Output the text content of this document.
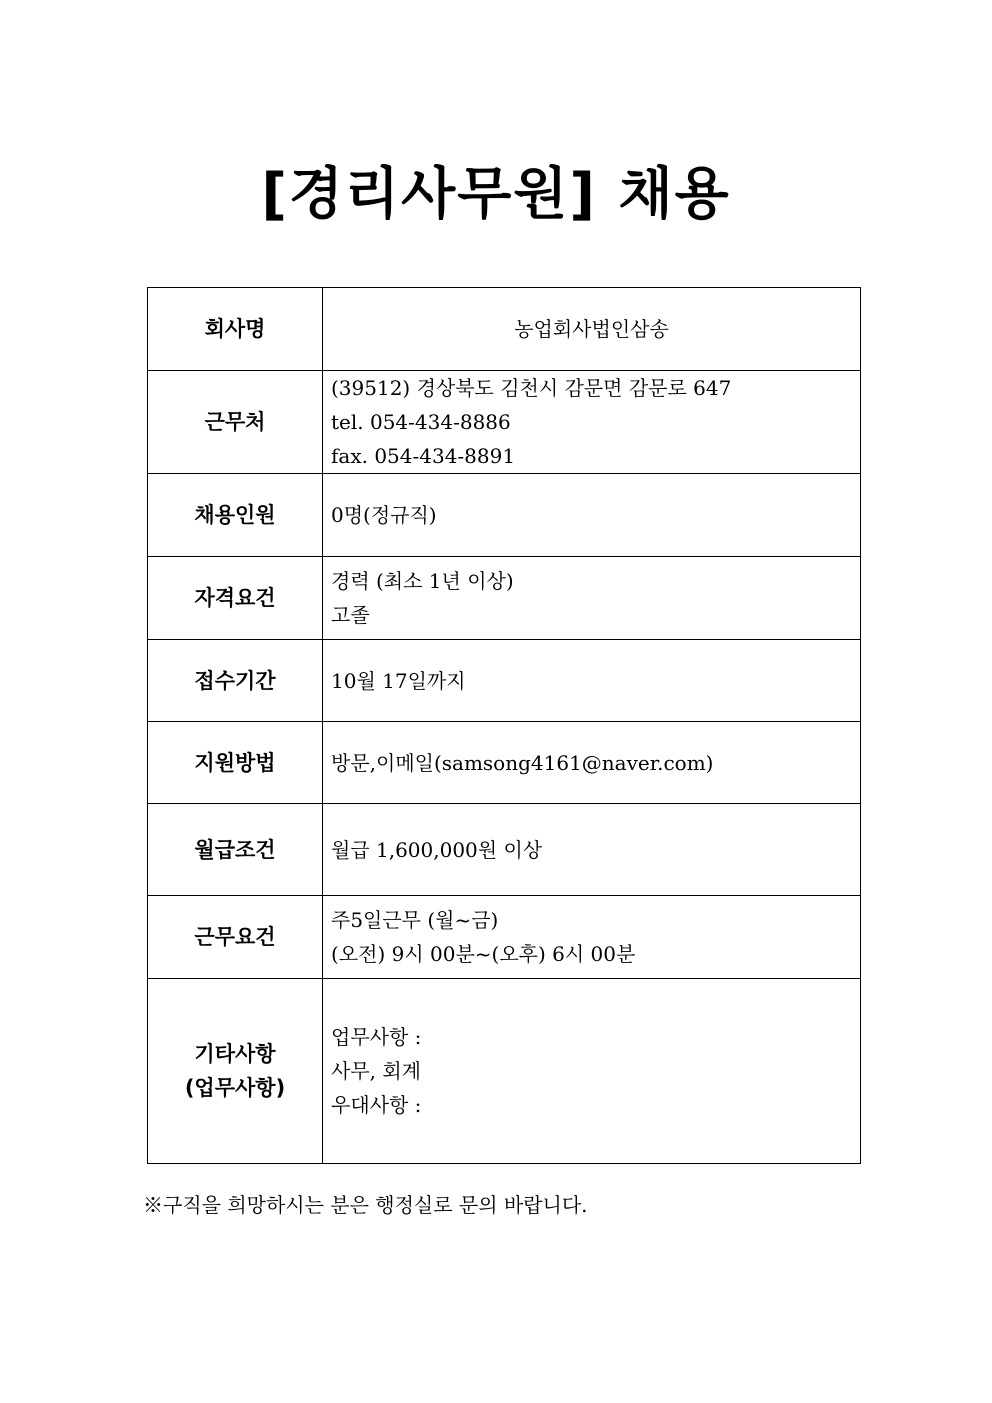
[경리사무원] 채용
회사명	농업회사법인삼송
근무처	(39512) 경상북도 김천시 감문면 감문로 647
tel. 054-434-8886
fax. 054-434-8891

채용인원	0명(정규직)
자격요건	경력 (최소 1년 이상)
고졸

접수기간	10월 17일까지
지원방법	방문,이메일(samsong4161@naver.com)
월급조건	월급 1,600,000원 이상
근무요건	주5일근무 (월~금)
(오전) 9시 00분~(오후) 6시 00분

기타사항
(업무사항)	업무사항 :
사무, 회계
우대사항 :
※구직을 희망하시는 분은 행정실로 문의 바랍니다.
